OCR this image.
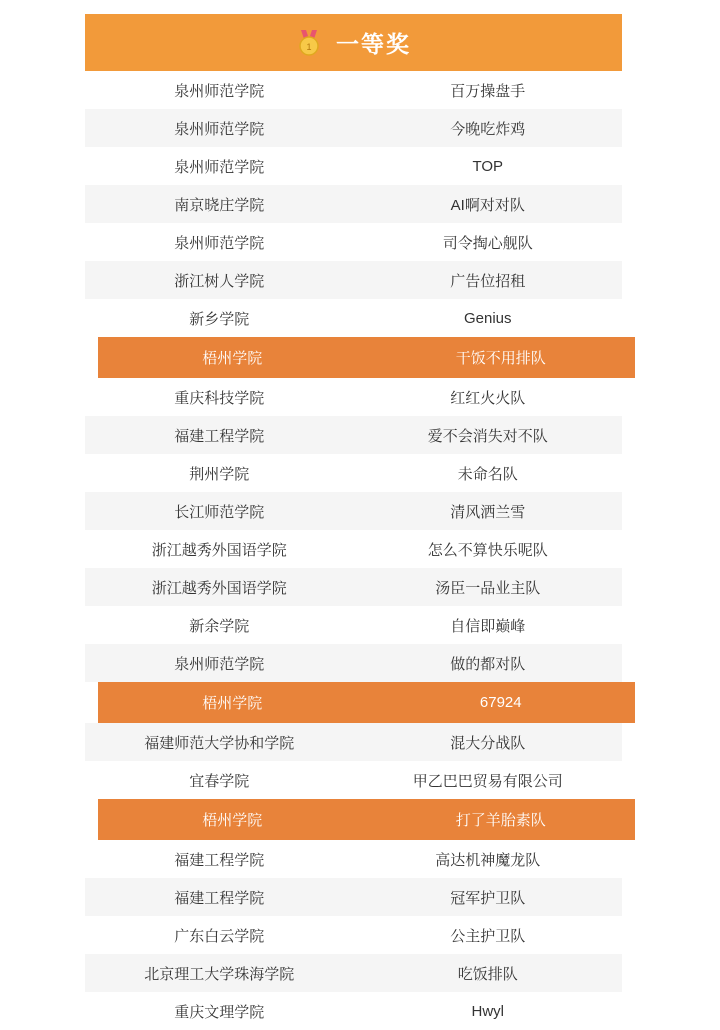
1 一等奖
泉州师范学院	百万操盘手
泉州师范学院	今晚吃炸鸡
泉州师范学院	TOP
南京晓庄学院	AI啊对对队
泉州师范学院	司令掏心舰队
浙江树人学院	广告位招租
新乡学院	Genius
梧州学院	干饭不用排队
重庆科技学院	红红火火队
福建工程学院	爱不会消失对不队
荆州学院	未命名队
长江师范学院	清风洒兰雪
浙江越秀外国语学院	怎么不算快乐呢队
浙江越秀外国语学院	汤臣一品业主队
新余学院	自信即巅峰
泉州师范学院	做的都对队
梧州学院	67924
福建师范大学协和学院	混大分战队
宜春学院	甲乙巴巴贸易有限公司
梧州学院	打了羊胎素队
福建工程学院	高达机神魔龙队
福建工程学院	冠军护卫队
广东白云学院	公主护卫队
北京理工大学珠海学院	吃饭排队
重庆文理学院	Hwyl
